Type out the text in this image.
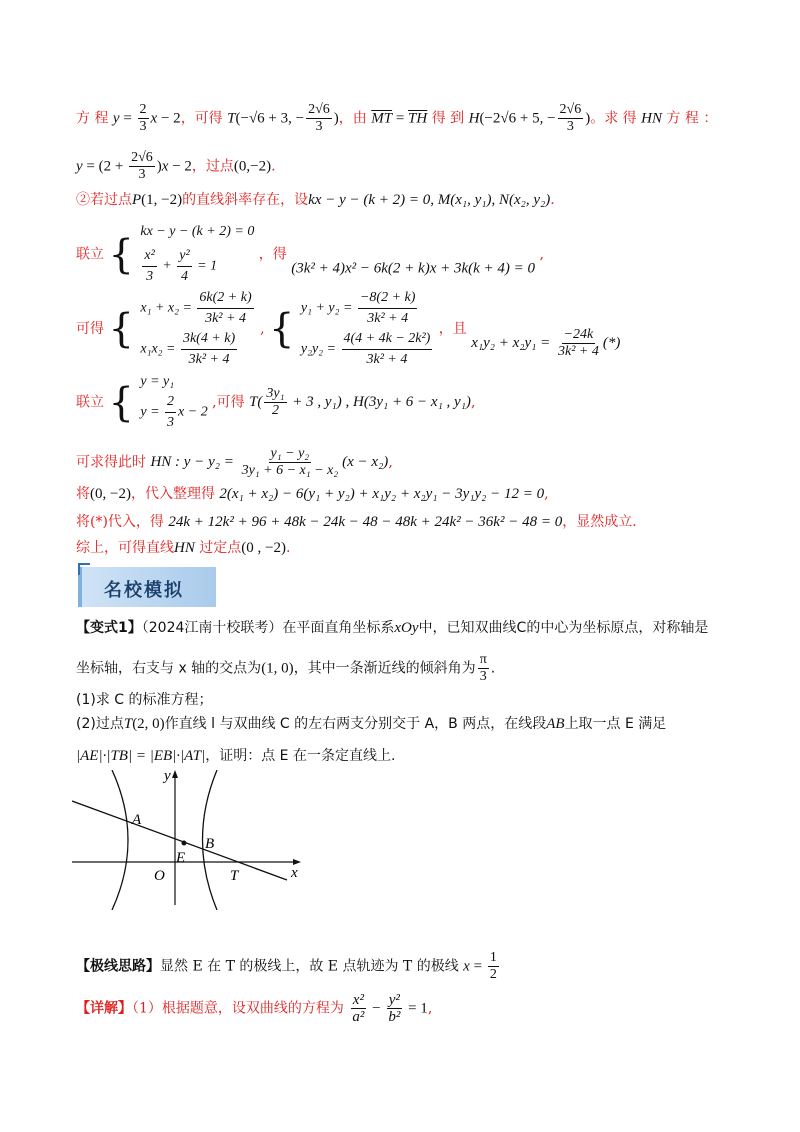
方 程 $y = \frac{2}{3}$ x − 2，可得 T(−√6 + 3, − $\frac{2√6}{3}$ )，由 $\overline{MT} = \overline{TH}$ 得 到 H(−2√6 + 5, − $\frac{2√6}{3}$ )。求 得 HN 方 程 ：
$y = (2 + \frac{2√6}{3} )x - 2$，过点(0,−2).
②若过点P(1, −2)的直线斜率存在，设kx − y − (k + 2) = 0, M(x₁, y₁), N(x₂, y₂).
联立 { kx − y − (k + 2) = 0
$\frac{\text{x²}}{3} + \frac{\text{y²}}{4} = 1$
，得 (3k² + 4)x² − 6k(2 + k)x + 3k(k + 4) = 0 ,
可得 { $x_1 + x_2 = \frac{6k(2 + k)}{\text{3k² + 4}}$
$x_1x_2 = \frac{3k(4 + k)}{\text{3k² + 4}}$ , { $y_1 + y_2 = \frac{-8(2 + k)}{\text{3k² + 4}}$
$y_2y_2 = \frac{\text{4(4 + 4k − 2k²)}}{\text{3k² + 4}}$ ，且 $x_1y_2 + x_2y_1 = \frac{-24k}{\text{3k² + 4}}$ (*)
联立 { y = y₁
$y = \frac{2}{3}$ x − 2
,可得 $T( \frac{\text{3y₁}}{2} + 3$ , y₁) , H(3y₁ + 6 − x₁ , y₁),
可求得此时 HN : $y - y_2 = \frac{\text{y₁ − y₂}}{\text{3y₁ + 6 − x₁ − x₂}} (x - x_2)$,
将(0, −2)，代入整理得 2(x₁ + x₂) − 6(y₁ + y₂) + x₁y₂ + x₂y₁ − 3y₁y₂ − 12 = 0,
将(*)代入，得 24k + 12k² + 96 + 48k − 24k − 48 − 48k + 24k² − 36k² − 48 = 0，显然成立.
综上，可得直线HN 过定点(0 , −2).
名校模拟
【变式1】（2024江南十校联考）在平面直角坐标系xOy中，已知双曲线C的中心为坐标原点，对称轴是
坐标轴，右支与 x 轴的交点为(1, 0)，其中一条渐近线的倾斜角为 $\frac{\pi}{3}$ .
(1)求 C 的标准方程；
(2)过点T(2, 0)作直线 l 与双曲线 C 的左右两支分别交于 A，B 两点，在线段AB上取一点 E 满足
|AE|·|TB| = |EB|·|AT|，证明：点 E 在一条定直线上.
y
x
A
B
E
O	T
【极线思路】显然 E 在 T 的极线上，故 E 点轨迹为 T 的极线 $x = \frac{1}{2}$
【详解】（1）根据题意，设双曲线的方程为 $\frac{\text{x²}}{\text{a²}} - \frac{\text{y²}}{\text{b²}} = 1$,
